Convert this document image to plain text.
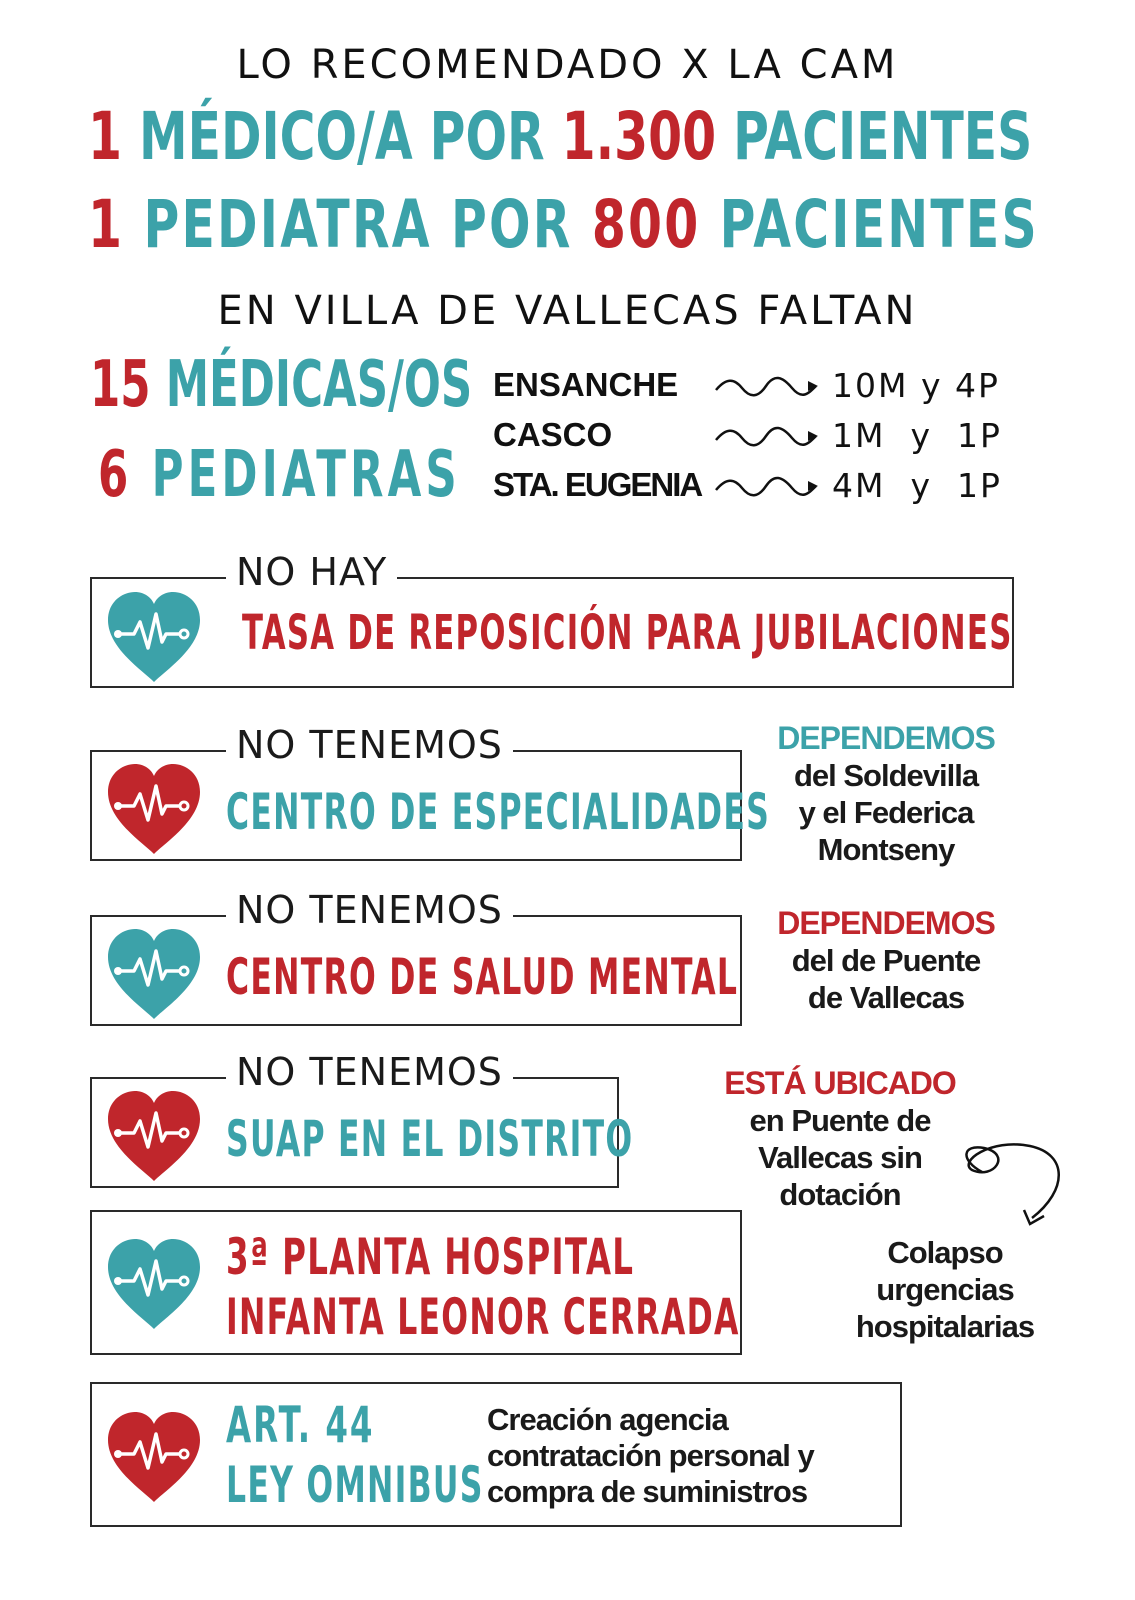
LO RECOMENDADO X LA CAM
1 MÉDICO/A POR 1.300 PACIENTES
1 PEDIATRA POR 800 PACIENTES
EN VILLA DE VALLECAS FALTAN
15 MÉDICAS/OS
6 PEDIATRAS
ENSANCHE
CASCO
STA. EUGENIA
10M y 4P
1M  y  1P
4M  y  1P
NO HAY
TASA DE REPOSICIÓN PARA JUBILACIONES
NO TENEMOS
CENTRO DE ESPECIALIDADES
DEPENDEMOS
del Soldevilla
y el Federica
Montseny
NO TENEMOS
CENTRO DE SALUD MENTAL
DEPENDEMOS
del de Puente
de Vallecas
NO TENEMOS
SUAP EN EL DISTRITO
ESTÁ UBICADO
en Puente de
Vallecas sin
dotación
3ª PLANTA HOSPITAL
INFANTA LEONOR CERRADA
Colapso
urgencias
hospitalarias
ART. 44
LEY OMNIBUS
Creación agencia
contratación personal y
compra de suministros
